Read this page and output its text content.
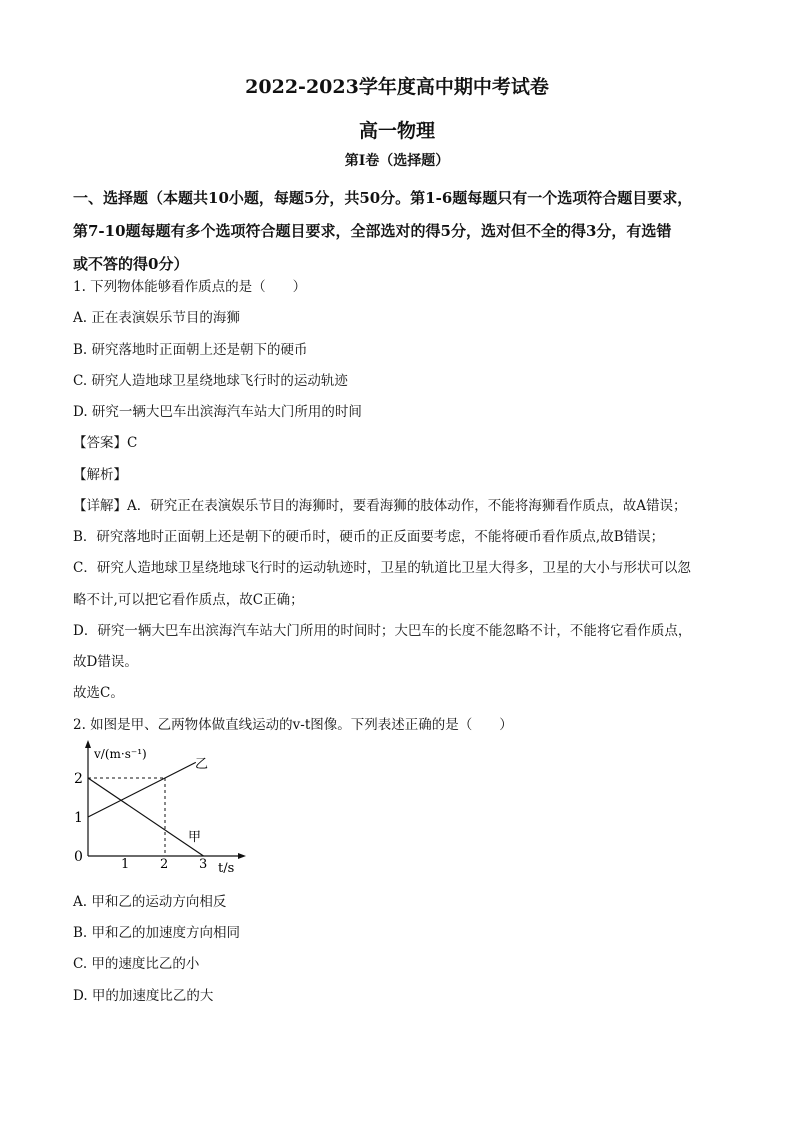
2022-2023学年度高中期中考试卷
高一物理
第I卷（选择题）
一、选择题（本题共10小题，每题5分，共50分。第1-6题每题只有一个选项符合题目要求，
第7-10题每题有多个选项符合题目要求，全部选对的得5分，选对但不全的得3分，有选错
或不答的得0分）
1. 下列物体能够看作质点的是（　　）
A. 正在表演娱乐节目的海狮
B. 研究落地时正面朝上还是朝下的硬币
C. 研究人造地球卫星绕地球飞行时的运动轨迹
D. 研究一辆大巴车出滨海汽车站大门所用的时间
【答案】C
【解析】
【详解】A．研究正在表演娱乐节目的海狮时，要看海狮的肢体动作，不能将海狮看作质点，故A错误；
B．研究落地时正面朝上还是朝下的硬币时，硬币的正反面要考虑，不能将硬币看作质点,故B错误；
C．研究人造地球卫星绕地球飞行时的运动轨迹时，卫星的轨道比卫星大得多，卫星的大小与形状可以忽
略不计,可以把它看作质点，故C正确；
D．研究一辆大巴车出滨海汽车站大门所用的时间时；大巴车的长度不能忽略不计，不能将它看作质点，
故D错误。
故选C。
2. 如图是甲、乙两物体做直线运动的v-t图像。下列表述正确的是（　　）
v/(m·s⁻¹)
t/s
2
1
0	1 2 3
乙
甲
A. 甲和乙的运动方向相反
B. 甲和乙的加速度方向相同
C. 甲的速度比乙的小
D. 甲的加速度比乙的大
